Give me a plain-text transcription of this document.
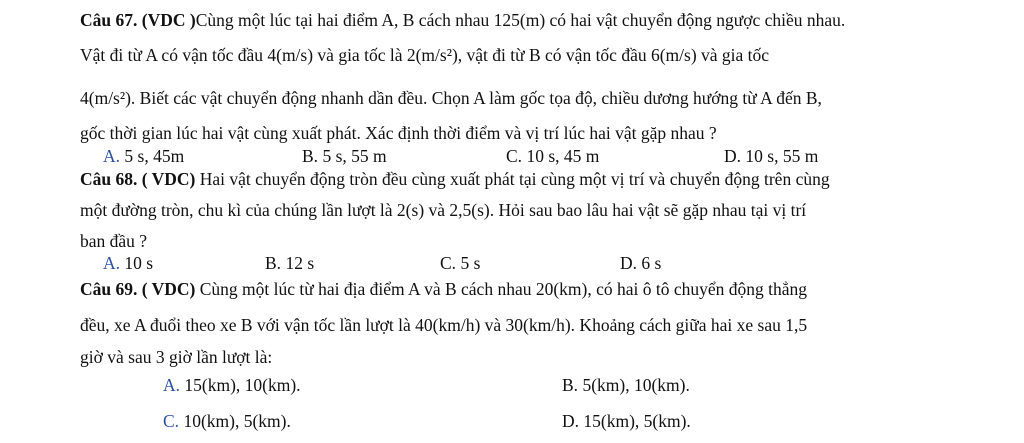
Câu 67. (VDC )Cùng một lúc tại hai điểm A, B cách nhau 125(m) có hai vật chuyển động ngược chiều nhau.
Vật đi từ A có vận tốc đầu 4(m/s) và gia tốc là 2(m/s²), vật đi từ B có vận tốc đầu 6(m/s) và gia tốc
4(m/s²). Biết các vật chuyển động nhanh dần đều. Chọn A làm gốc tọa độ, chiều dương hướng từ A đến B,
gốc thời gian lúc hai vật cùng xuất phát. Xác định thời điểm và vị trí lúc hai vật gặp nhau ?
A. 5 s, 45m	B. 5 s, 55 m	C. 10 s, 45 m	D. 10 s, 55 m
Câu 68. ( VDC) Hai vật chuyển động tròn đều cùng xuất phát tại cùng một vị trí và chuyển động trên cùng
một đường tròn, chu kì của chúng lần lượt là 2(s) và 2,5(s). Hỏi sau bao lâu hai vật sẽ gặp nhau tại vị trí
ban đầu ?
A. 10 s	B. 12 s	C. 5 s	D. 6 s
Câu 69. ( VDC) Cùng một lúc từ hai địa điểm A và B cách nhau 20(km), có hai ô tô chuyển động thẳng
đều, xe A đuổi theo xe B với vận tốc lần lượt là 40(km/h) và 30(km/h). Khoảng cách giữa hai xe sau 1,5
giờ và sau 3 giờ lần lượt là:
A. 15(km), 10(km).	B. 5(km), 10(km).
C. 10(km), 5(km).	D. 15(km), 5(km).
